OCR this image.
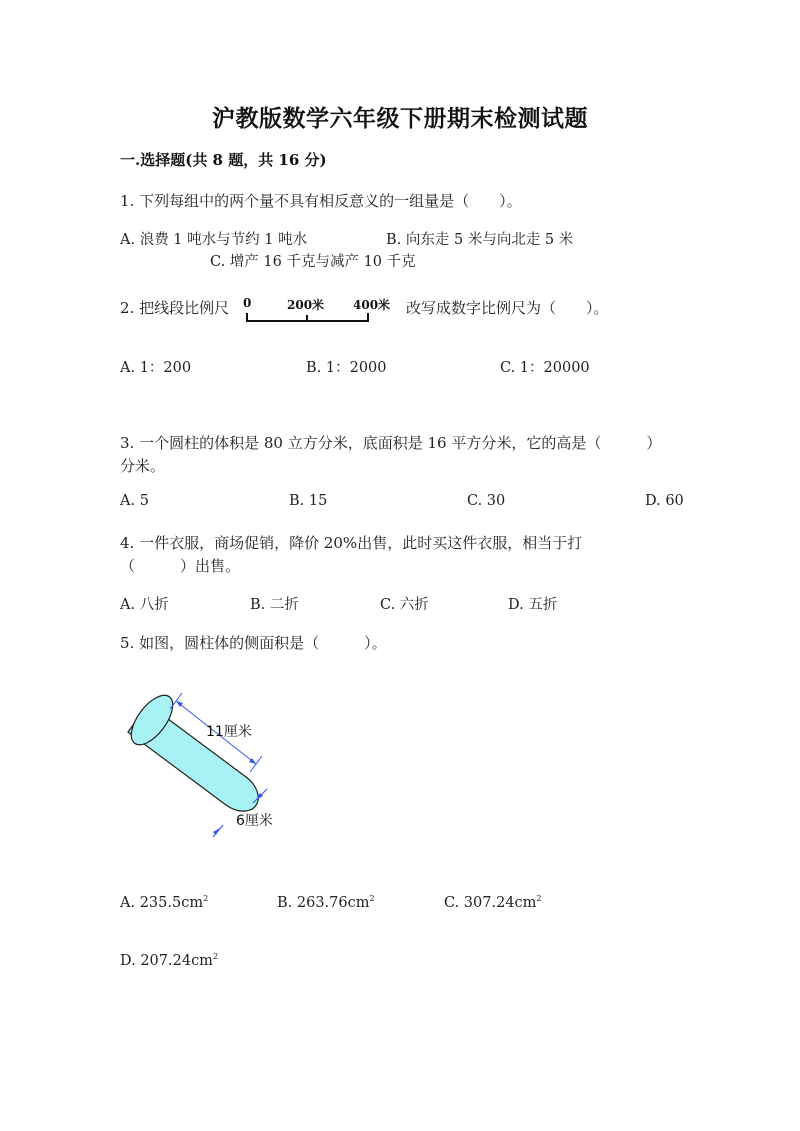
沪教版数学六年级下册期末检测试题
一.选择题(共 8 题，共 16 分)
1. 下列每组中的两个量不具有相反意义的一组量是（　　）。
A. 浪费 1 吨水与节约 1 吨水	B. 向东走 5 米与向北走 5 米
C. 增产 16 千克与减产 10 千克
2. 把线段比例尺 0	200米 400米 改写成数字比例尺为（　　）。
A. 1：200	B. 1：2000	C. 1：20000
3. 一个圆柱的体积是 80 立方分米，底面积是 16 平方分米，它的高是（　　　）
分米。
A. 5	B. 15	C. 30	D. 60
4. 一件衣服，商场促销，降价 20%出售，此时买这件衣服，相当于打
（　　　）出售。
A. 八折	B. 二折	C. 六折	D. 五折
5. 如图，圆柱体的侧面积是（　　　）。
11厘米
6厘米
A. $235.5cm^2$	B. $263.76cm^2$	C. $307.24cm^2$
D. $207.24cm^2$
